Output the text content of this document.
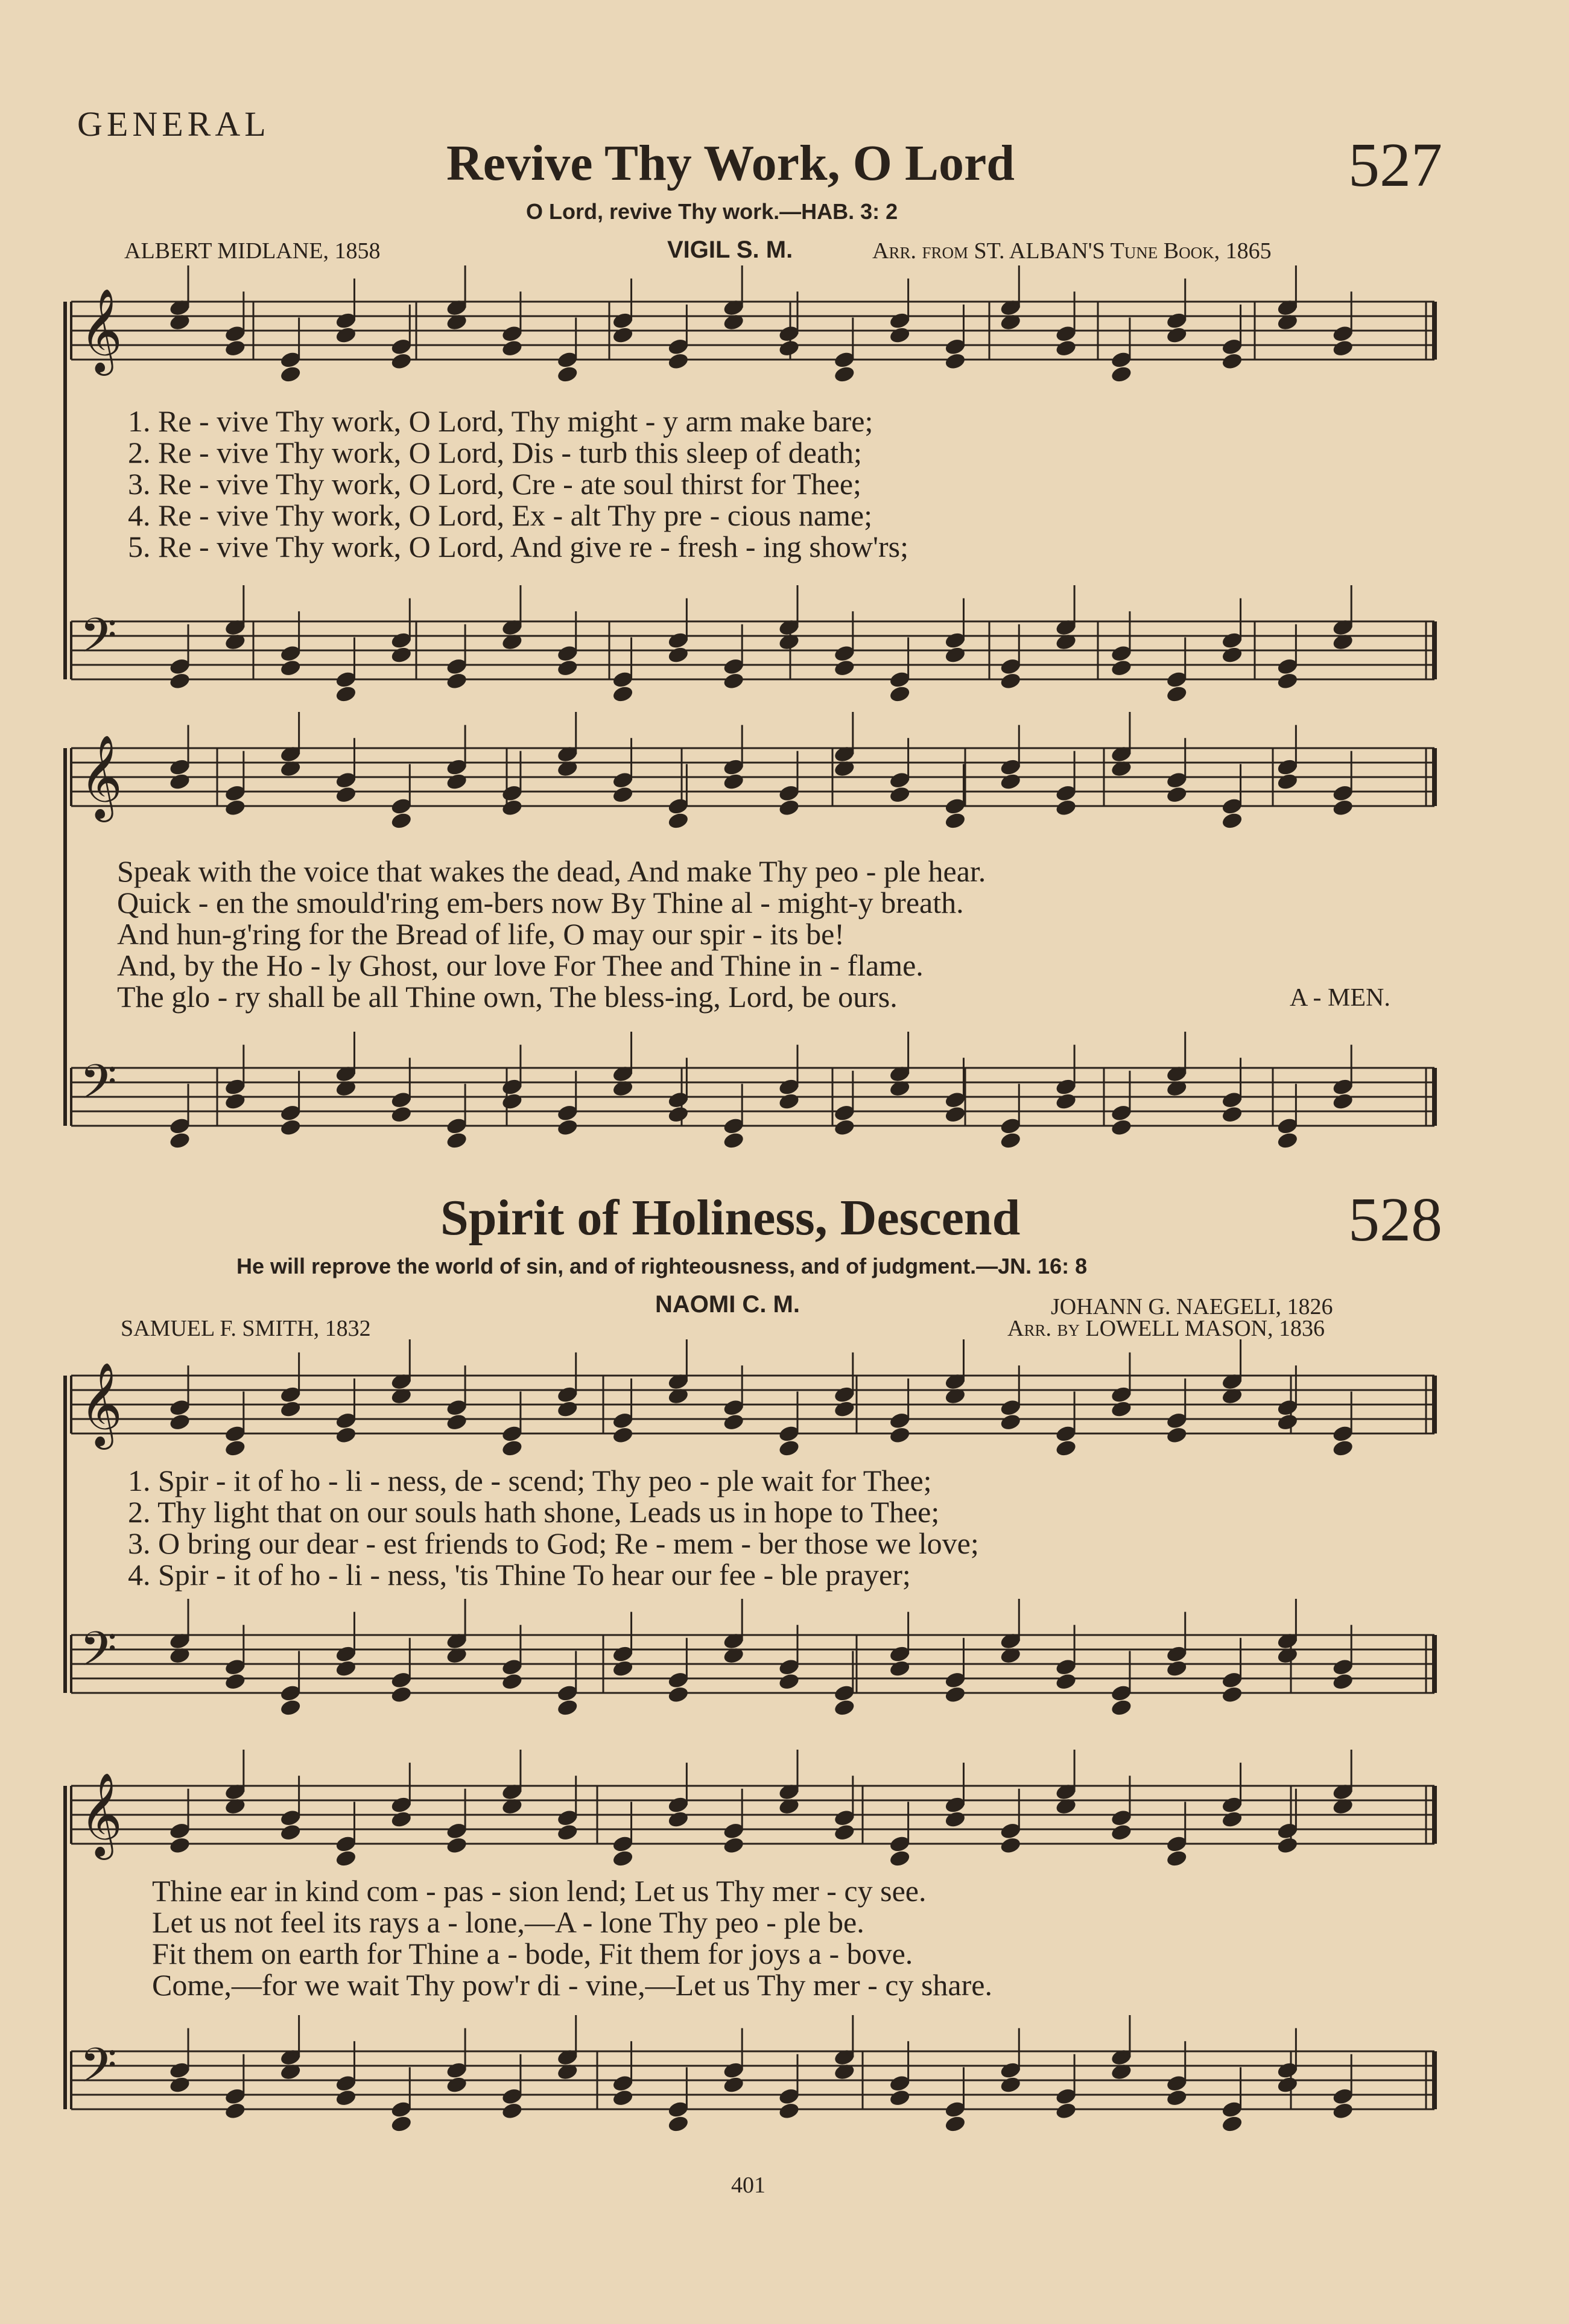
GENERAL
Revive Thy Work, O Lord	527
O Lord, revive Thy work.—HAB. 3: 2
ALBERT MIDLANE, 1858	VIGIL S. M.	Arr. from ST. ALBAN'S Tune Book, 1865
1. Re - vive Thy work, O Lord, Thy might - y arm make bare;
2. Re - vive Thy work, O Lord, Dis - turb this sleep of death;
3. Re - vive Thy work, O Lord, Cre - ate soul thirst for Thee;
4. Re - vive Thy work, O Lord, Ex - alt Thy pre - cious name;
5. Re - vive Thy work, O Lord, And give re - fresh - ing show'rs;
Speak with the voice that wakes the dead, And make Thy peo - ple hear.
Quick - en the smould'ring em-bers now By Thine al - might-y breath.
And hun-g'ring for the Bread of life, O may our spir - its be!
And, by the Ho - ly Ghost, our love For Thee and Thine in - flame.
The glo - ry shall be all Thine own, The bless-ing, Lord, be ours.	A - MEN.
Spirit of Holiness, Descend	528
He will reprove the world of sin, and of righteousness, and of judgment.—JN. 16: 8
NAOMI C. M.	JOHANN G. NAEGELI, 1826
SAMUEL F. SMITH, 1832	Arr. by LOWELL MASON, 1836
1. Spir - it of ho - li - ness, de - scend; Thy peo - ple wait for Thee;
2. Thy light that on our souls hath shone, Leads us in hope to Thee;
3. O bring our dear - est friends to God; Re - mem - ber those we love;
4. Spir - it of ho - li - ness, 'tis Thine To hear our fee - ble prayer;
Thine ear in kind com - pas - sion lend; Let us Thy mer - cy see.
Let us not feel its rays a - lone,—A - lone Thy peo - ple be.
Fit them on earth for Thine a - bode, Fit them for joys a - bove.
Come,—for we wait Thy pow'r di - vine,—Let us Thy mer - cy share.
401
𝄞
𝄢
𝄞
𝄢
𝄞
𝄢
𝄞
𝄢
